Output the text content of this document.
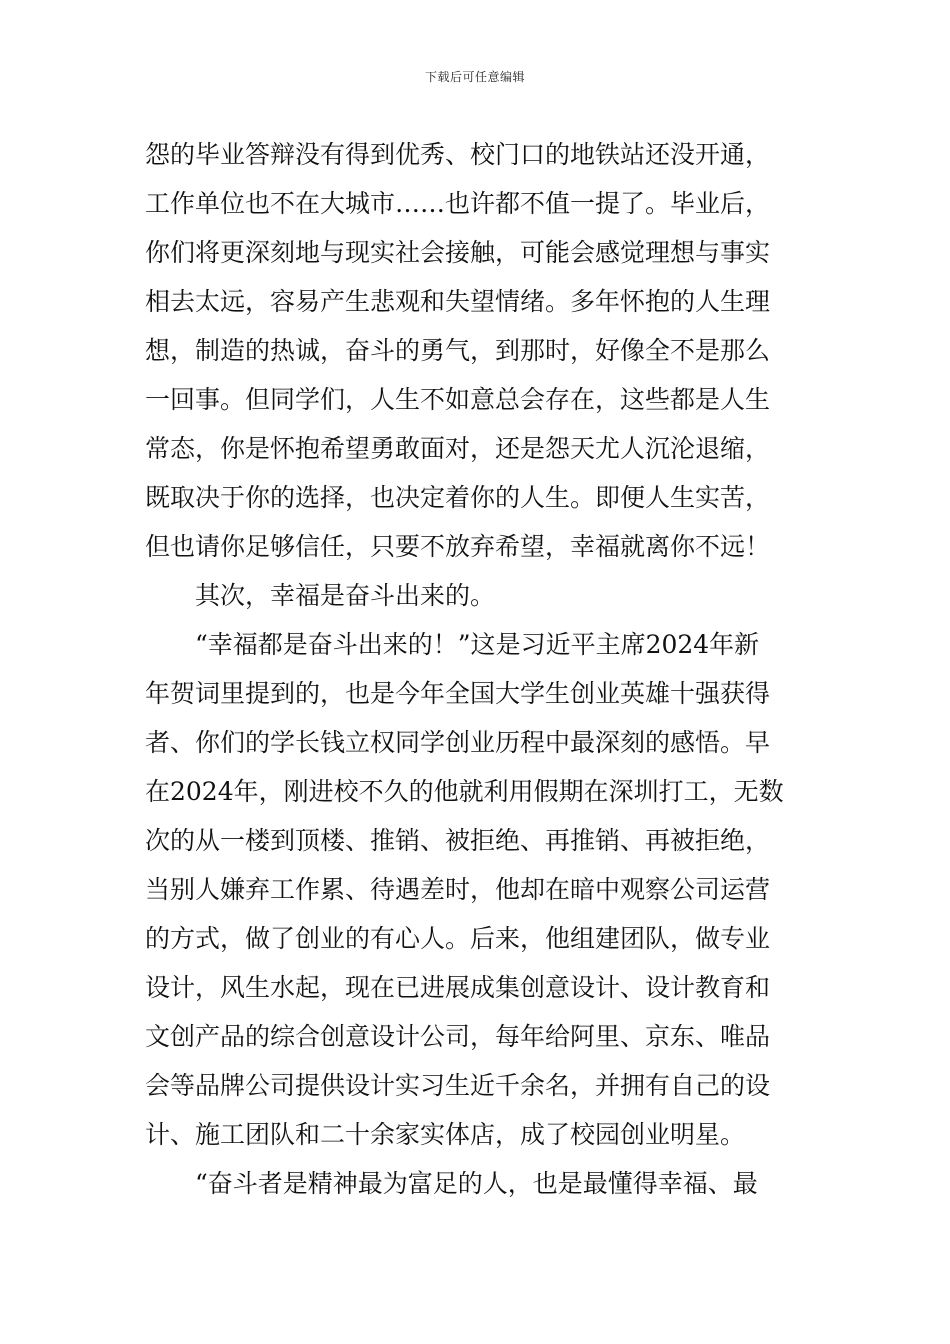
下载后可任意编辑
怨的毕业答辩没有得到优秀、校门口的地铁站还没开通，
工作单位也不在大城市……也许都不值一提了。毕业后，
你们将更深刻地与现实社会接触，可能会感觉理想与事实
相去太远，容易产生悲观和失望情绪。多年怀抱的人生理
想，制造的热诚，奋斗的勇气，到那时，好像全不是那么
一回事。但同学们，人生不如意总会存在，这些都是人生
常态，你是怀抱希望勇敢面对，还是怨天尤人沉沦退缩，
既取决于你的选择，也决定着你的人生。即便人生实苦，
但也请你足够信任，只要不放弃希望，幸福就离你不远！
其次，幸福是奋斗出来的。
“幸福都是奋斗出来的！”这是习近平主席2024年新
年贺词里提到的，也是今年全国大学生创业英雄十强获得
者、你们的学长钱立权同学创业历程中最深刻的感悟。早
在2024年，刚进校不久的他就利用假期在深圳打工，无数
次的从一楼到顶楼、推销、被拒绝、再推销、再被拒绝，
当别人嫌弃工作累、待遇差时，他却在暗中观察公司运营
的方式，做了创业的有心人。后来，他组建团队，做专业
设计，风生水起，现在已进展成集创意设计、设计教育和
文创产品的综合创意设计公司，每年给阿里、京东、唯品
会等品牌公司提供设计实习生近千余名，并拥有自己的设
计、施工团队和二十余家实体店，成了校园创业明星。
“奋斗者是精神最为富足的人，也是最懂得幸福、最
